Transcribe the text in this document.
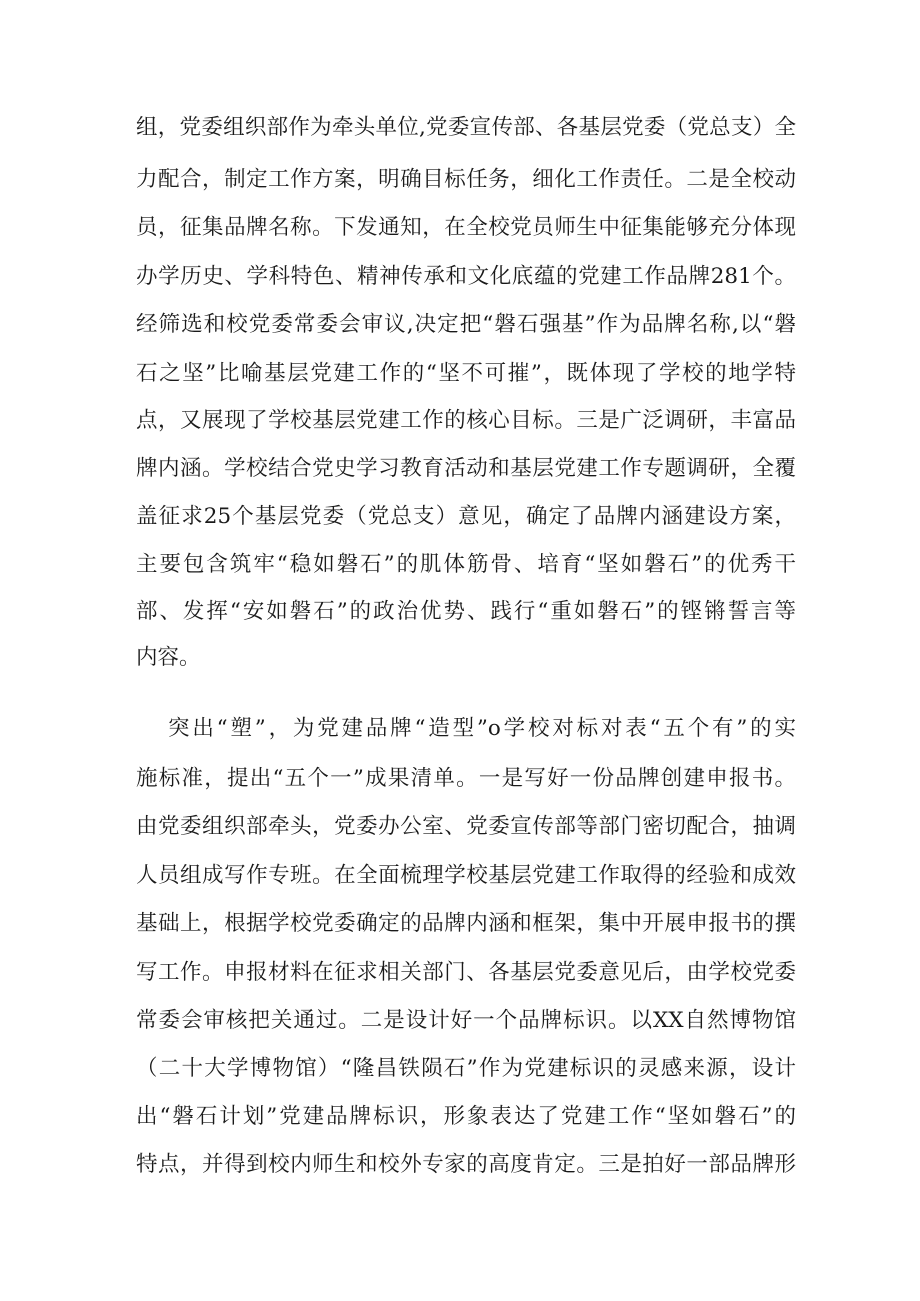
组，党委组织部作为牵头单位,党委宣传部、各基层党委（党总支）全

力配合，制定工作方案，明确目标任务，细化工作责任。二是全校动

员，征集品牌名称。下发通知，在全校党员师生中征集能够充分体现

办学历史、学科特色、精神传承和文化底蕴的党建工作品牌281个。

经筛选和校党委常委会审议,决定把“磐石强基”作为品牌名称,以“磐

石之坚”比喻基层党建工作的“坚不可摧”，既体现了学校的地学特

点，又展现了学校基层党建工作的核心目标。三是广泛调研，丰富品

牌内涵。学校结合党史学习教育活动和基层党建工作专题调研，全覆

盖征求25个基层党委（党总支）意见，确定了品牌内涵建设方案，

主要包含筑牢“稳如磐石”的肌体筋骨、培育“坚如磐石”的优秀干

部、发挥“安如磐石”的政治优势、践行“重如磐石”的铿锵誓言等

内容。

突出“塑”，为党建品牌“造型”o学校对标对表“五个有”的实

施标准，提出“五个一”成果清单。一是写好一份品牌创建申报书。

由党委组织部牵头，党委办公室、党委宣传部等部门密切配合，抽调

人员组成写作专班。在全面梳理学校基层党建工作取得的经验和成效

基础上，根据学校党委确定的品牌内涵和框架，集中开展申报书的撰

写工作。申报材料在征求相关部门、各基层党委意见后，由学校党委

常委会审核把关通过。二是设计好一个品牌标识。以XX自然博物馆

（二十大学博物馆）“隆昌铁陨石”作为党建标识的灵感来源，设计

出“磐石计划”党建品牌标识，形象表达了党建工作“坚如磐石”的

特点，并得到校内师生和校外专家的高度肯定。三是拍好一部品牌形
